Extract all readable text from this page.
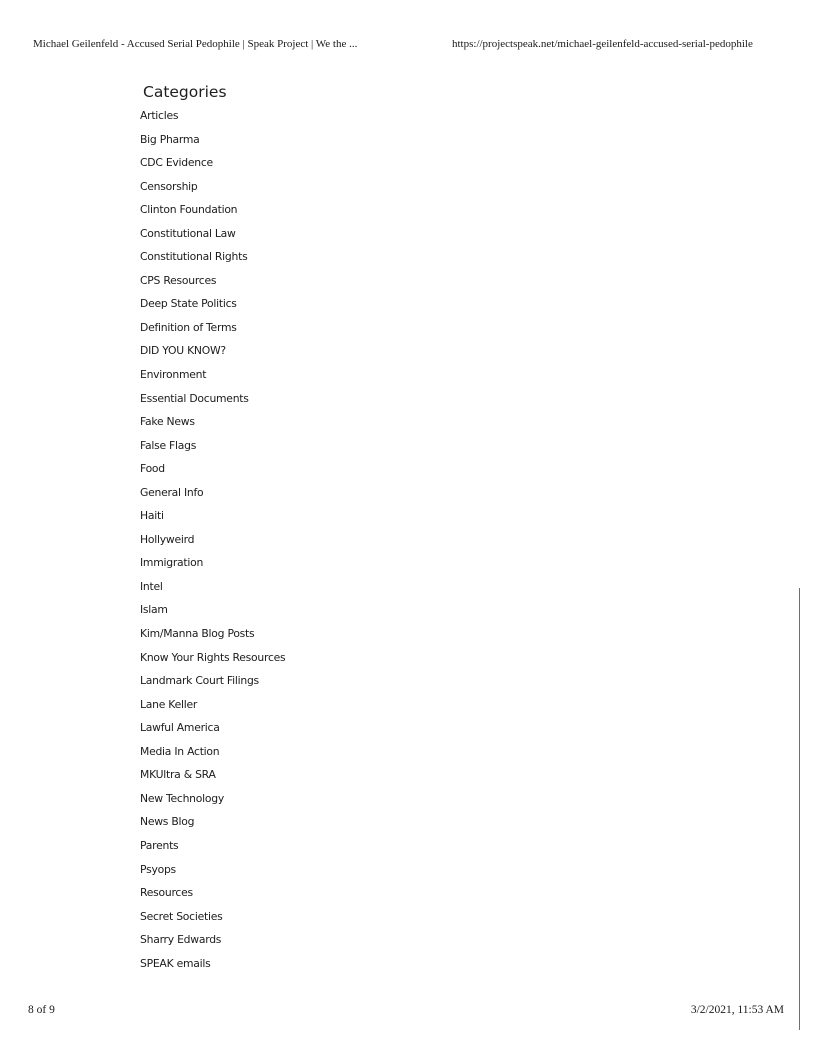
Michael Geilenfeld - Accused Serial Pedophile | Speak Project | We the ...	https://projectspeak.net/michael-geilenfeld-accused-serial-pedophile
Categories
Articles
Big Pharma
CDC Evidence
Censorship
Clinton Foundation
Constitutional Law
Constitutional Rights
CPS Resources
Deep State Politics
Definition of Terms
DID YOU KNOW?
Environment
Essential Documents
Fake News
False Flags
Food
General Info
Haiti
Hollyweird
Immigration
Intel
Islam
Kim/Manna Blog Posts
Know Your Rights Resources
Landmark Court Filings
Lane Keller
Lawful America
Media In Action
MKUltra & SRA
New Technology
News Blog
Parents
Psyops
Resources
Secret Societies
Sharry Edwards
SPEAK emails
8 of 9	3/2/2021, 11:53 AM
